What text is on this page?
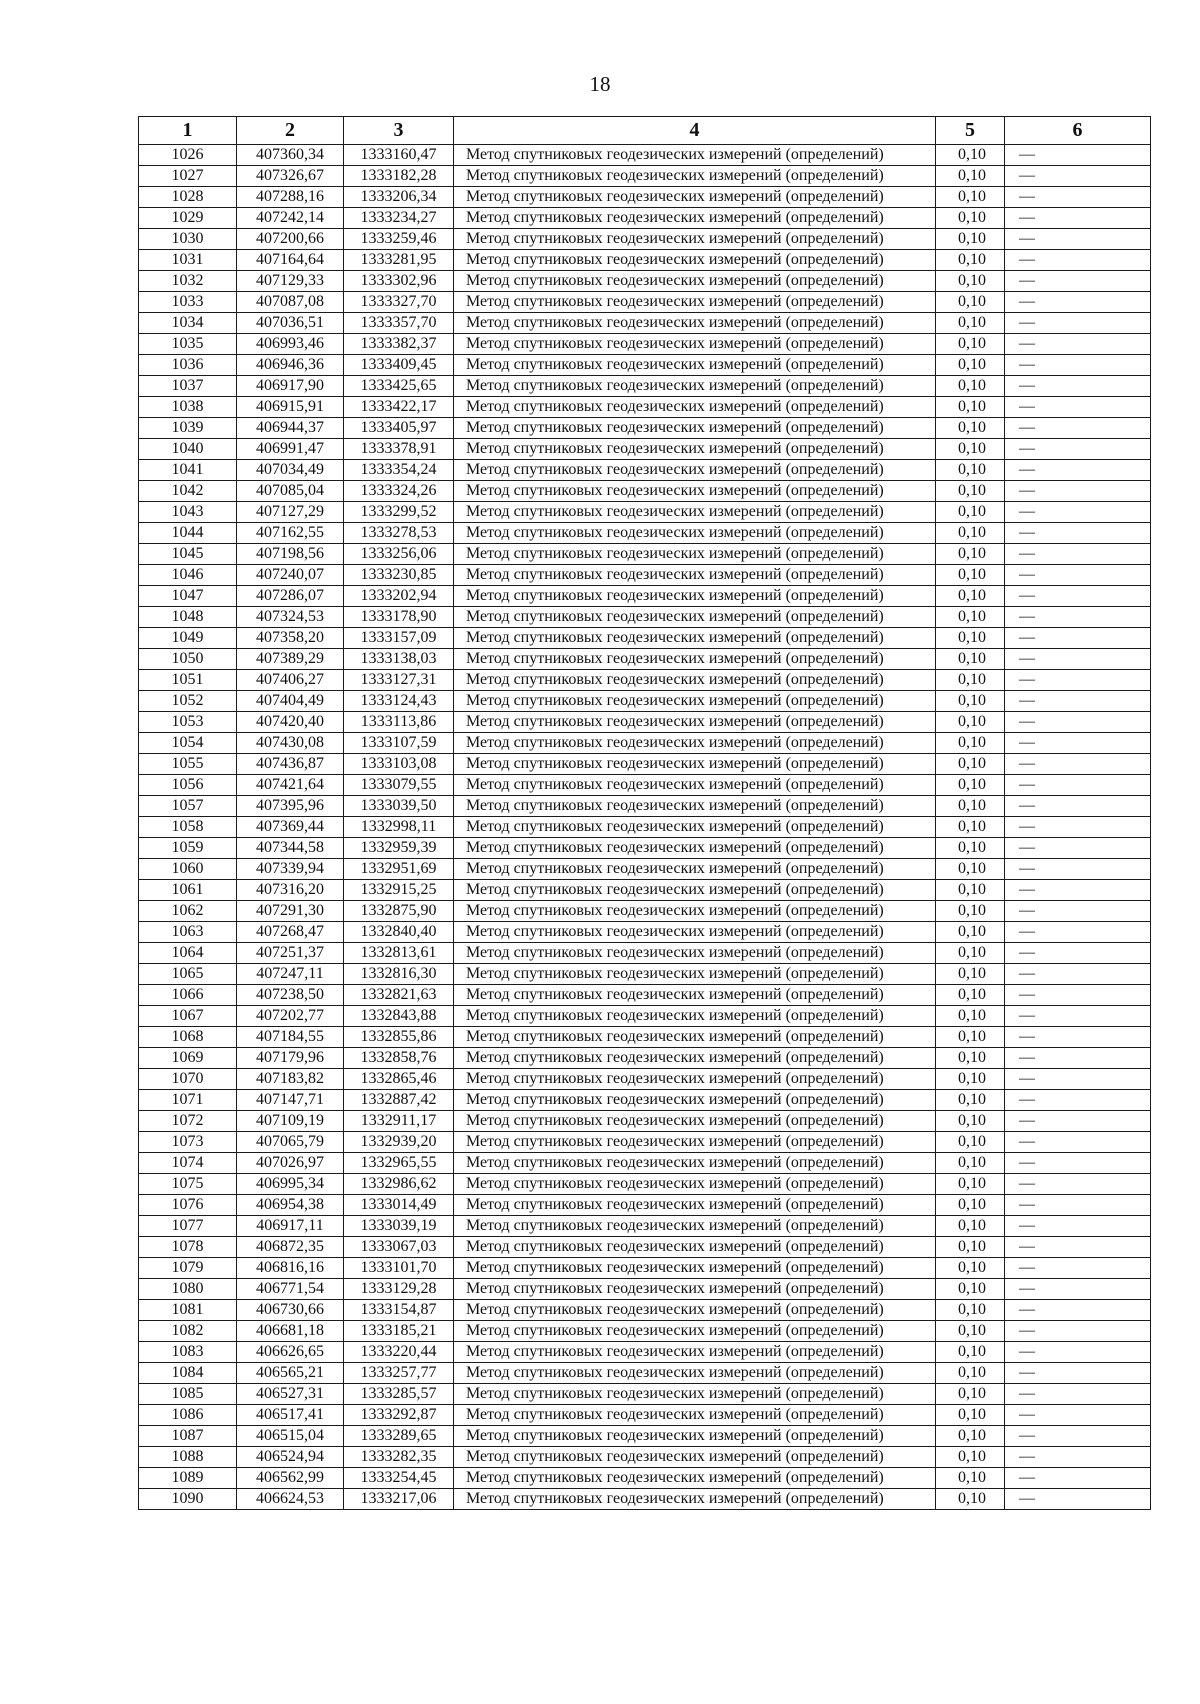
18
1	2	3	4	5	6
1026	407360,34	1333160,47	Метод спутниковых геодезических измерений (определений)	0,10	—
1027	407326,67	1333182,28	Метод спутниковых геодезических измерений (определений)	0,10	—
1028	407288,16	1333206,34	Метод спутниковых геодезических измерений (определений)	0,10	—
1029	407242,14	1333234,27	Метод спутниковых геодезических измерений (определений)	0,10	—
1030	407200,66	1333259,46	Метод спутниковых геодезических измерений (определений)	0,10	—
1031	407164,64	1333281,95	Метод спутниковых геодезических измерений (определений)	0,10	—
1032	407129,33	1333302,96	Метод спутниковых геодезических измерений (определений)	0,10	—
1033	407087,08	1333327,70	Метод спутниковых геодезических измерений (определений)	0,10	—
1034	407036,51	1333357,70	Метод спутниковых геодезических измерений (определений)	0,10	—
1035	406993,46	1333382,37	Метод спутниковых геодезических измерений (определений)	0,10	—
1036	406946,36	1333409,45	Метод спутниковых геодезических измерений (определений)	0,10	—
1037	406917,90	1333425,65	Метод спутниковых геодезических измерений (определений)	0,10	—
1038	406915,91	1333422,17	Метод спутниковых геодезических измерений (определений)	0,10	—
1039	406944,37	1333405,97	Метод спутниковых геодезических измерений (определений)	0,10	—
1040	406991,47	1333378,91	Метод спутниковых геодезических измерений (определений)	0,10	—
1041	407034,49	1333354,24	Метод спутниковых геодезических измерений (определений)	0,10	—
1042	407085,04	1333324,26	Метод спутниковых геодезических измерений (определений)	0,10	—
1043	407127,29	1333299,52	Метод спутниковых геодезических измерений (определений)	0,10	—
1044	407162,55	1333278,53	Метод спутниковых геодезических измерений (определений)	0,10	—
1045	407198,56	1333256,06	Метод спутниковых геодезических измерений (определений)	0,10	—
1046	407240,07	1333230,85	Метод спутниковых геодезических измерений (определений)	0,10	—
1047	407286,07	1333202,94	Метод спутниковых геодезических измерений (определений)	0,10	—
1048	407324,53	1333178,90	Метод спутниковых геодезических измерений (определений)	0,10	—
1049	407358,20	1333157,09	Метод спутниковых геодезических измерений (определений)	0,10	—
1050	407389,29	1333138,03	Метод спутниковых геодезических измерений (определений)	0,10	—
1051	407406,27	1333127,31	Метод спутниковых геодезических измерений (определений)	0,10	—
1052	407404,49	1333124,43	Метод спутниковых геодезических измерений (определений)	0,10	—
1053	407420,40	1333113,86	Метод спутниковых геодезических измерений (определений)	0,10	—
1054	407430,08	1333107,59	Метод спутниковых геодезических измерений (определений)	0,10	—
1055	407436,87	1333103,08	Метод спутниковых геодезических измерений (определений)	0,10	—
1056	407421,64	1333079,55	Метод спутниковых геодезических измерений (определений)	0,10	—
1057	407395,96	1333039,50	Метод спутниковых геодезических измерений (определений)	0,10	—
1058	407369,44	1332998,11	Метод спутниковых геодезических измерений (определений)	0,10	—
1059	407344,58	1332959,39	Метод спутниковых геодезических измерений (определений)	0,10	—
1060	407339,94	1332951,69	Метод спутниковых геодезических измерений (определений)	0,10	—
1061	407316,20	1332915,25	Метод спутниковых геодезических измерений (определений)	0,10	—
1062	407291,30	1332875,90	Метод спутниковых геодезических измерений (определений)	0,10	—
1063	407268,47	1332840,40	Метод спутниковых геодезических измерений (определений)	0,10	—
1064	407251,37	1332813,61	Метод спутниковых геодезических измерений (определений)	0,10	—
1065	407247,11	1332816,30	Метод спутниковых геодезических измерений (определений)	0,10	—
1066	407238,50	1332821,63	Метод спутниковых геодезических измерений (определений)	0,10	—
1067	407202,77	1332843,88	Метод спутниковых геодезических измерений (определений)	0,10	—
1068	407184,55	1332855,86	Метод спутниковых геодезических измерений (определений)	0,10	—
1069	407179,96	1332858,76	Метод спутниковых геодезических измерений (определений)	0,10	—
1070	407183,82	1332865,46	Метод спутниковых геодезических измерений (определений)	0,10	—
1071	407147,71	1332887,42	Метод спутниковых геодезических измерений (определений)	0,10	—
1072	407109,19	1332911,17	Метод спутниковых геодезических измерений (определений)	0,10	—
1073	407065,79	1332939,20	Метод спутниковых геодезических измерений (определений)	0,10	—
1074	407026,97	1332965,55	Метод спутниковых геодезических измерений (определений)	0,10	—
1075	406995,34	1332986,62	Метод спутниковых геодезических измерений (определений)	0,10	—
1076	406954,38	1333014,49	Метод спутниковых геодезических измерений (определений)	0,10	—
1077	406917,11	1333039,19	Метод спутниковых геодезических измерений (определений)	0,10	—
1078	406872,35	1333067,03	Метод спутниковых геодезических измерений (определений)	0,10	—
1079	406816,16	1333101,70	Метод спутниковых геодезических измерений (определений)	0,10	—
1080	406771,54	1333129,28	Метод спутниковых геодезических измерений (определений)	0,10	—
1081	406730,66	1333154,87	Метод спутниковых геодезических измерений (определений)	0,10	—
1082	406681,18	1333185,21	Метод спутниковых геодезических измерений (определений)	0,10	—
1083	406626,65	1333220,44	Метод спутниковых геодезических измерений (определений)	0,10	—
1084	406565,21	1333257,77	Метод спутниковых геодезических измерений (определений)	0,10	—
1085	406527,31	1333285,57	Метод спутниковых геодезических измерений (определений)	0,10	—
1086	406517,41	1333292,87	Метод спутниковых геодезических измерений (определений)	0,10	—
1087	406515,04	1333289,65	Метод спутниковых геодезических измерений (определений)	0,10	—
1088	406524,94	1333282,35	Метод спутниковых геодезических измерений (определений)	0,10	—
1089	406562,99	1333254,45	Метод спутниковых геодезических измерений (определений)	0,10	—
1090	406624,53	1333217,06	Метод спутниковых геодезических измерений (определений)	0,10	—
